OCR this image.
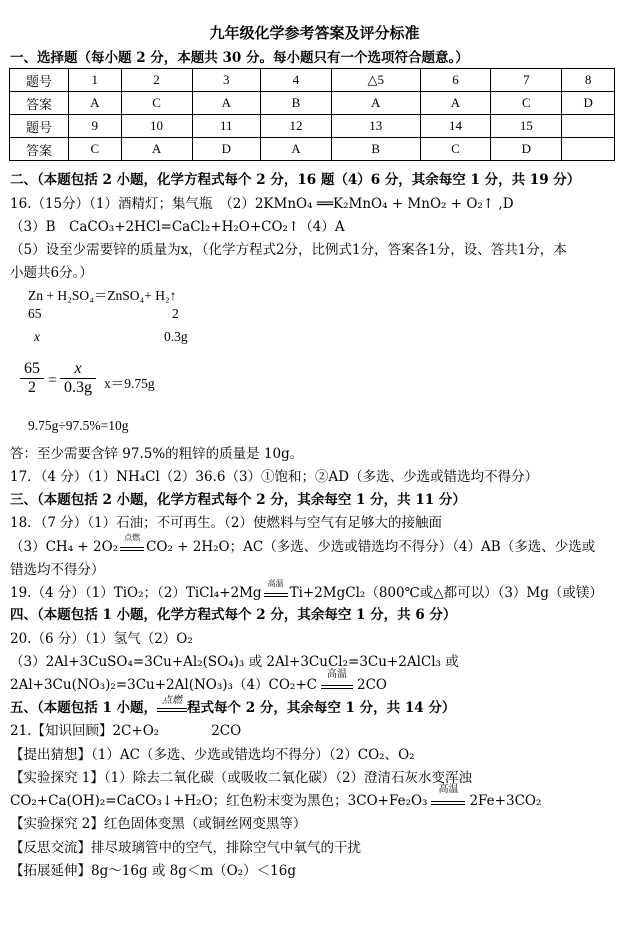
九年级化学参考答案及评分标准
一、选择题（每小题 2 分，本题共 30 分。每小题只有一个选项符合题意。）
题号	1	2	3	4	△5	6	7	8
答案	A	C	A	B	A	A	C	D
题号	9	10	11	12	13	14	15	
答案	C	A	D	A	B	C	D	
二、（本题包括 2 小题，化学方程式每个 2 分，16 题（4）6 分，其余每空 1 分，共 19 分）
16.（15分）（1）酒精灯；集气瓶　（2）2KMnO₄ ══K₂MnO₄ + MnO₂ + O₂↑ ,D
（3）B　CaCO₃+2HCl=CaCl₂+H₂O+CO₂↑（4）A
（5）设至少需要锌的质量为x，（化学方程式2分，比例式1分，答案各1分，设、答共1分，本
小题共6分。）
Zn + H₂SO₄＝ZnSO₄+ H₂↑
65	2
x	0.3g
$\frac{65}{2} = \frac{x}{0.3g} x=9.75g$
9.75g÷97.5%=10g
答：至少需要含锌 97.5%的粗锌的质量是 10g。
17．（4 分）（1）NH₄Cl（2）36.6（3）①饱和；②AD（多选、少选或错选均不得分）
三、（本题包括 2 小题，化学方程式每个 2 分，其余每空 1 分，共 11 分）
18．（7 分）（1）石油；不可再生。（2）使燃料与空气有足够大的接触面
（3）CH₄ + 2O₂
点燃
CO₂ + 2H₂O；AC（多选、少选或错选均不得分）（4）AB（多选、少选或
错选均不得分）
19.（4 分）（1）TiO₂；（2）TiCl₄+2Mg
高温
Ti+2MgCl₂（800℃或△都可以）（3）Mg（或镁）
四、（本题包括 1 小题，化学方程式每个 2 分，其余每空 1 分，共 6 分）
20.（6 分）（1）氢气（2）O₂
（3）2Al+3CuSO₄=3Cu+Al₂(SO₄)₃ 或 2Al+3CuCl₂=3Cu+2AlCl₃ 或
2Al+3Cu(NO₃)₂=3Cu+2Al(NO₃)₃（4）CO₂+C
高温
2CO
五、（本题包括 1 小题， 点燃 程式每个 2 分，其余每空 1 分，共 14 分）
21.【知识回顾】2C+O₂	2CO
【提出猜想】（1）AC（多选、少选或错选均不得分）（2）CO₂、O₂
【实验探究 1】（1）除去二氧化碳（或吸收二氧化碳）（2）澄清石灰水变浑浊
CO₂+Ca(OH)₂=CaCO₃↓+H₂O；红色粉末变为黑色；3CO+Fe₂O₃
高温
2Fe+3CO₂
【实验探究 2】红色固体变黑（或铜丝网变黑等）
【反思交流】排尽玻璃管中的空气，排除空气中氧气的干扰
【拓展延伸】8g～16g 或 8g＜m（O₂）＜16g
